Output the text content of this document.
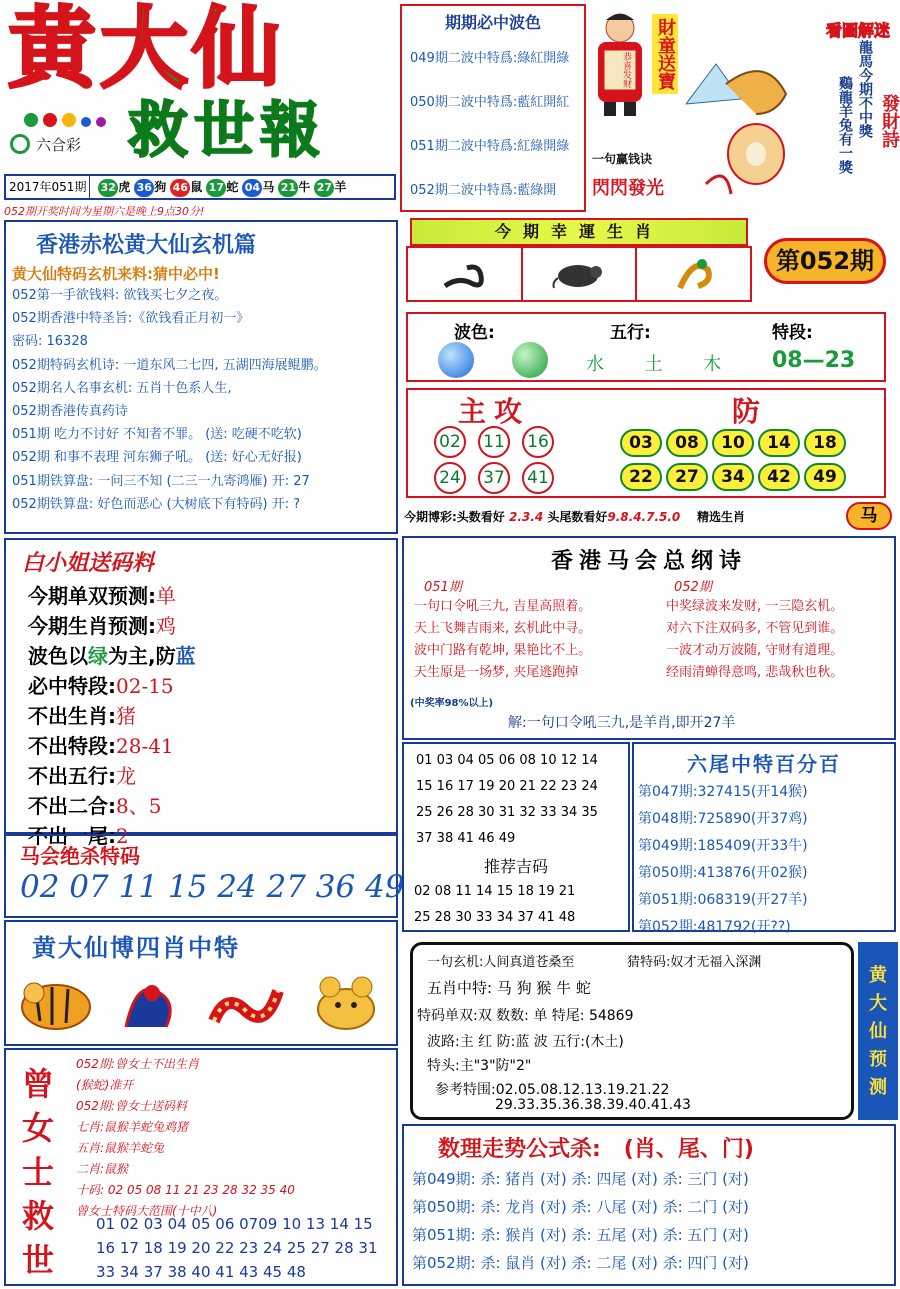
黄大仙

六合彩 救世報
2017年051期 32 虎 36 狗 46 鼠 17 蛇 04 马 21 牛 27 羊
052期开奖时间为星期六是晚上9点30分!
期期必中波色
049期二波中特爲:綠紅開綠
050期二波中特爲:藍紅開紅
051期二波中特爲:紅綠開綠
052期二波中特爲:藍綠開
恭喜发财 財童送寶
一句赢钱诀
閃閃發光
看圖解迷
龍馬今期不中獎
鷄龍羊兔有一獎 發財詩
香港赤松黄大仙玄机篇
黄大仙特码玄机来料:猜中必中!
052第一手欲钱料: 欲钱买七夕之夜。
052期香港中特圣旨:《欲钱看正月初一》
密码: 16328
052期特码玄机诗: 一道东风二七四, 五湖四海展鲲鹏。
052期名人名事玄机: 五肖十色系人生,
052期香港传真药诗
051期 吃力不讨好 不知者不罪。 (送: 吃硬不吃软)
052期 和事不表理 河东狮子吼。 (送: 好心无好报)
051期铁算盘: 一问三不知 (二三一九寄鸿雁) 开: 27
052期铁算盘: 好色而恶心 (大树底下有特码) 开: ?
今期幸運生肖
第052期
波色:	五行:	特段:
水 土 木 08—23
主攻	防
02 11 16
24 37 41
03 08 10 14 18
22 27 34 42 49
今期博彩:头数看好 2.3.4 头尾数看好9.8.4.7.5.0 精选生肖	马
白小姐送码料
今期单双预测:单
今期生肖预测:鸡
波色以绿为主,防蓝
必中特段:02-15
不出生肖:猪
不出特段:28-41
不出五行:龙
不出二合:8、5
不出一尾:2
马会绝杀特码
02 07 11 15 24 27 36 49
黄大仙博四肖中特
曾
女
士
救
世
052期:曾女士不出生肖
(猴蛇)准开
052期:曾女士送码料
七肖:鼠猴羊蛇兔鸡猪
五肖:鼠猴羊蛇兔
二肖:鼠猴
十码: 02 05 08 11 21 23 28 32 35 40
曾女士特码大范围(十中八)
01 02 03 04 05 06 0709 10 13 14 15
16 17 18 19 20 22 23 24 25 27 28 31
33 34 37 38 40 41 43 45 48
香港马会总纲诗
051期	052期
一句口令吼三九, 吉星高照着。
天上飞舞吉雨来, 玄机此中寻。
波中门路有乾坤, 果艳比不上。
天生原是一场梦, 夹尾逃跑掉
中奖绿波来发财, 一三隐玄机。
对六下注双码多, 不管见到谁。
一波才动万波随, 守财有道理。
经雨清蝉得意鸣, 悲哉秋也秋。
(中奖率98%以上)
解:一句口令吼三九,是羊肖,即开27羊
01 03 04 05 06 08 10 12 14
15 16 17 19 20 21 22 23 24
25 26 28 30 31 32 33 34 35
37 38 41 46 49
推荐吉码
02 08 11 14 15 18 19 21
25 28 30 33 34 37 41 48
六尾中特百分百
第047期:327415(开14猴)
第048期:725890(开37鸡)
第049期:185409(开33牛)
第050期:413876(开02猴)
第051期:068319(开27羊)
第052期:481792(开??)
一句玄机:人间真道苍桑至	猜特码:奴才无福入深渊
五肖中特: 马 狗 猴 牛 蛇
特码单双:双 数数: 单 特尾: 54869
波路:主 红 防:蓝 波 五行:(木土)
特头:主"3"防"2"
参考特围:02.05.08.12.13.19.21.22
29.33.35.36.38.39.40.41.43
黄
大
仙
预
测
数理走势公式杀: (肖、尾、门)
第049期: 杀: 猪肖 (对) 杀: 四尾 (对) 杀: 三门 (对)
第050期: 杀: 龙肖 (对) 杀: 八尾 (对) 杀: 二门 (对)
第051期: 杀: 猴肖 (对) 杀: 五尾 (对) 杀: 五门 (对)
第052期: 杀: 鼠肖 (对) 杀: 二尾 (对) 杀: 四门 (对)
